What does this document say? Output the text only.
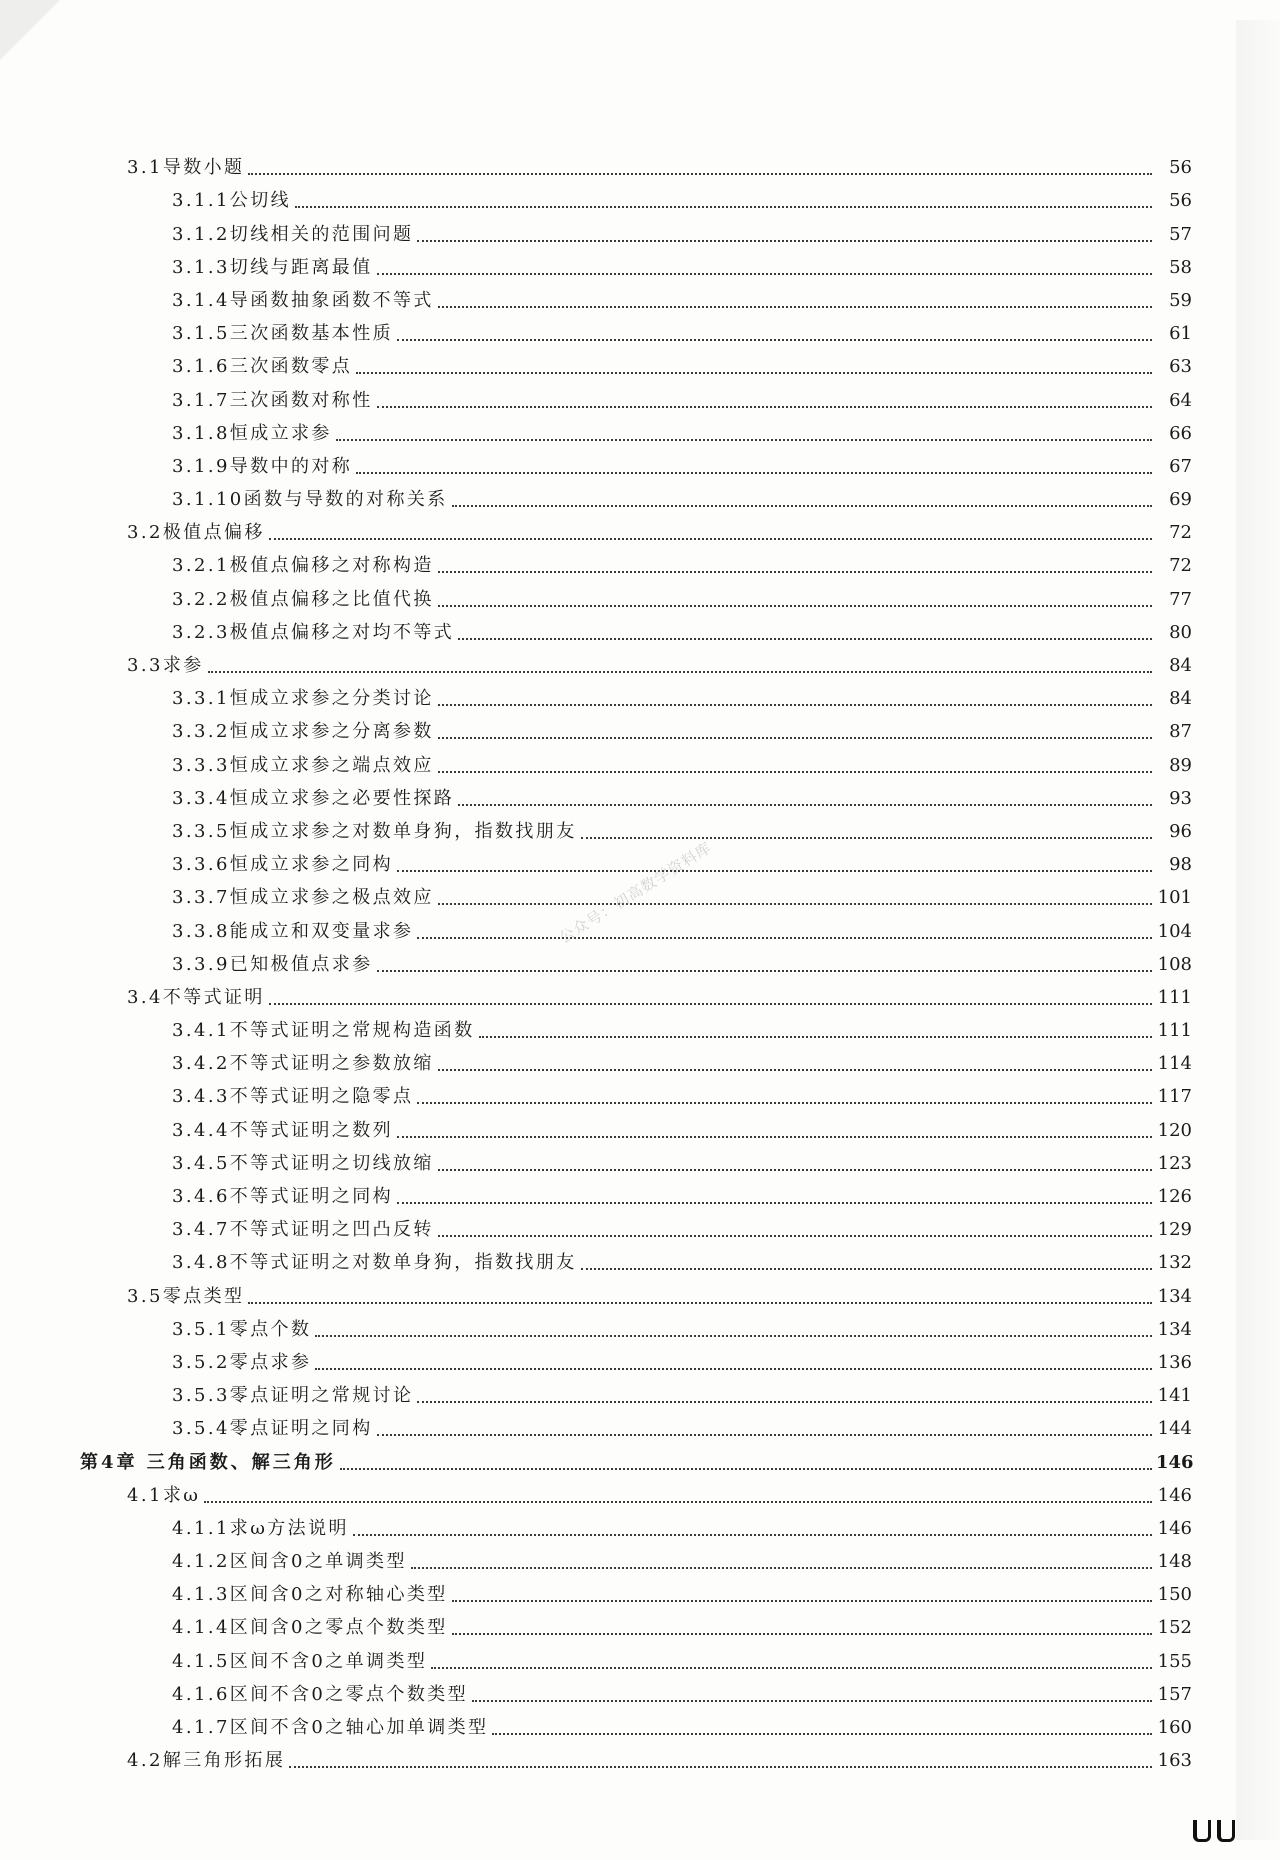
3.1导数小题	56
3.1.1公切线	56
3.1.2切线相关的范围问题	57
3.1.3切线与距离最值	58
3.1.4导函数抽象函数不等式	59
3.1.5三次函数基本性质	61
3.1.6三次函数零点	63
3.1.7三次函数对称性	64
3.1.8恒成立求参	66
3.1.9导数中的对称	67
3.1.10函数与导数的对称关系	69
3.2极值点偏移	72
3.2.1极值点偏移之对称构造	72
3.2.2极值点偏移之比值代换	77
3.2.3极值点偏移之对均不等式	80
3.3求参	84
3.3.1恒成立求参之分类讨论	84
3.3.2恒成立求参之分离参数	87
3.3.3恒成立求参之端点效应	89
3.3.4恒成立求参之必要性探路	93
3.3.5恒成立求参之对数单身狗，指数找朋友	96
3.3.6恒成立求参之同构	98
3.3.7恒成立求参之极点效应	101
3.3.8能成立和双变量求参	104
3.3.9已知极值点求参	108
3.4不等式证明	111
3.4.1不等式证明之常规构造函数	111
3.4.2不等式证明之参数放缩	114
3.4.3不等式证明之隐零点	117
3.4.4不等式证明之数列	120
3.4.5不等式证明之切线放缩	123
3.4.6不等式证明之同构	126
3.4.7不等式证明之凹凸反转	129
3.4.8不等式证明之对数单身狗，指数找朋友	132
3.5零点类型	134
3.5.1零点个数	134
3.5.2零点求参	136
3.5.3零点证明之常规讨论	141
3.5.4零点证明之同构	144
第4章 三角函数、解三角形	146
4.1求ω	146
4.1.1求ω方法说明	146
4.1.2区间含0之单调类型	148
4.1.3区间含0之对称轴心类型	150
4.1.4区间含0之零点个数类型	152
4.1.5区间不含0之单调类型	155
4.1.6区间不含0之零点个数类型	157
4.1.7区间不含0之轴心加单调类型	160
4.2解三角形拓展	163
公众号：初高数学资料库
